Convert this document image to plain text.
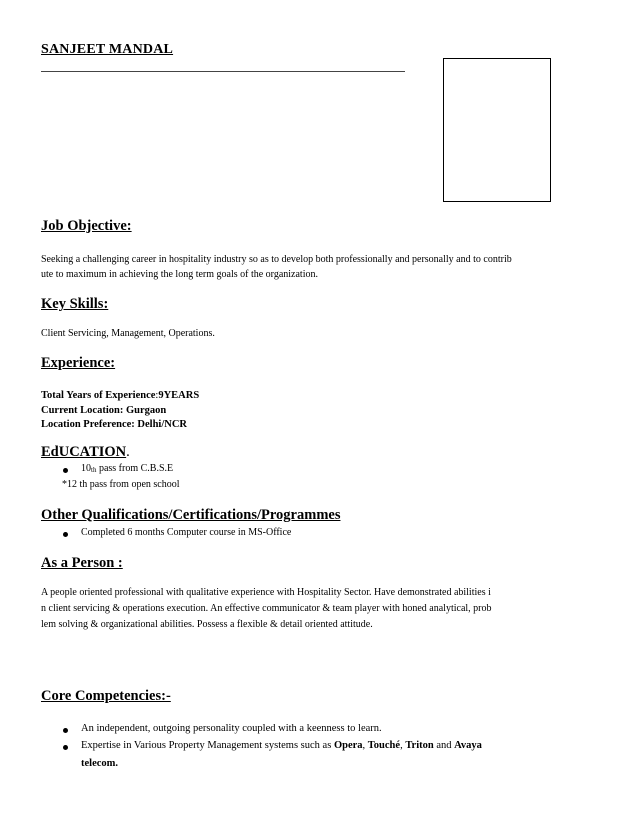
SANJEET MANDAL
Job Objective:
Seeking a challenging career in hospitality industry so as to develop both professionally and personally and to contrib
ute to maximum in achieving the long term goals of the organization.
Key Skills:
Client Servicing, Management, Operations.
Experience:
Total Years of Experience:9YEARS
Current Location: Gurgaon
Location Preference: Delhi/NCR
EdUCATION.
$10_{th}$ pass from C.B.S.E
*12 th pass from open school
Other Qualifications/Certifications/Programmes
Completed 6 months Computer course in MS-Office
As a Person :
A people oriented professional with qualitative experience with Hospitality Sector. Have demonstrated abilities i
n client servicing & operations execution. An effective communicator & team player with honed analytical, prob
lem solving & organizational abilities. Possess a flexible & detail oriented attitude.
Core Competencies:-
An independent, outgoing personality coupled with a keenness to learn.
Expertise in Various Property Management systems such as Opera, Touché, Triton and Avaya
telecom.
